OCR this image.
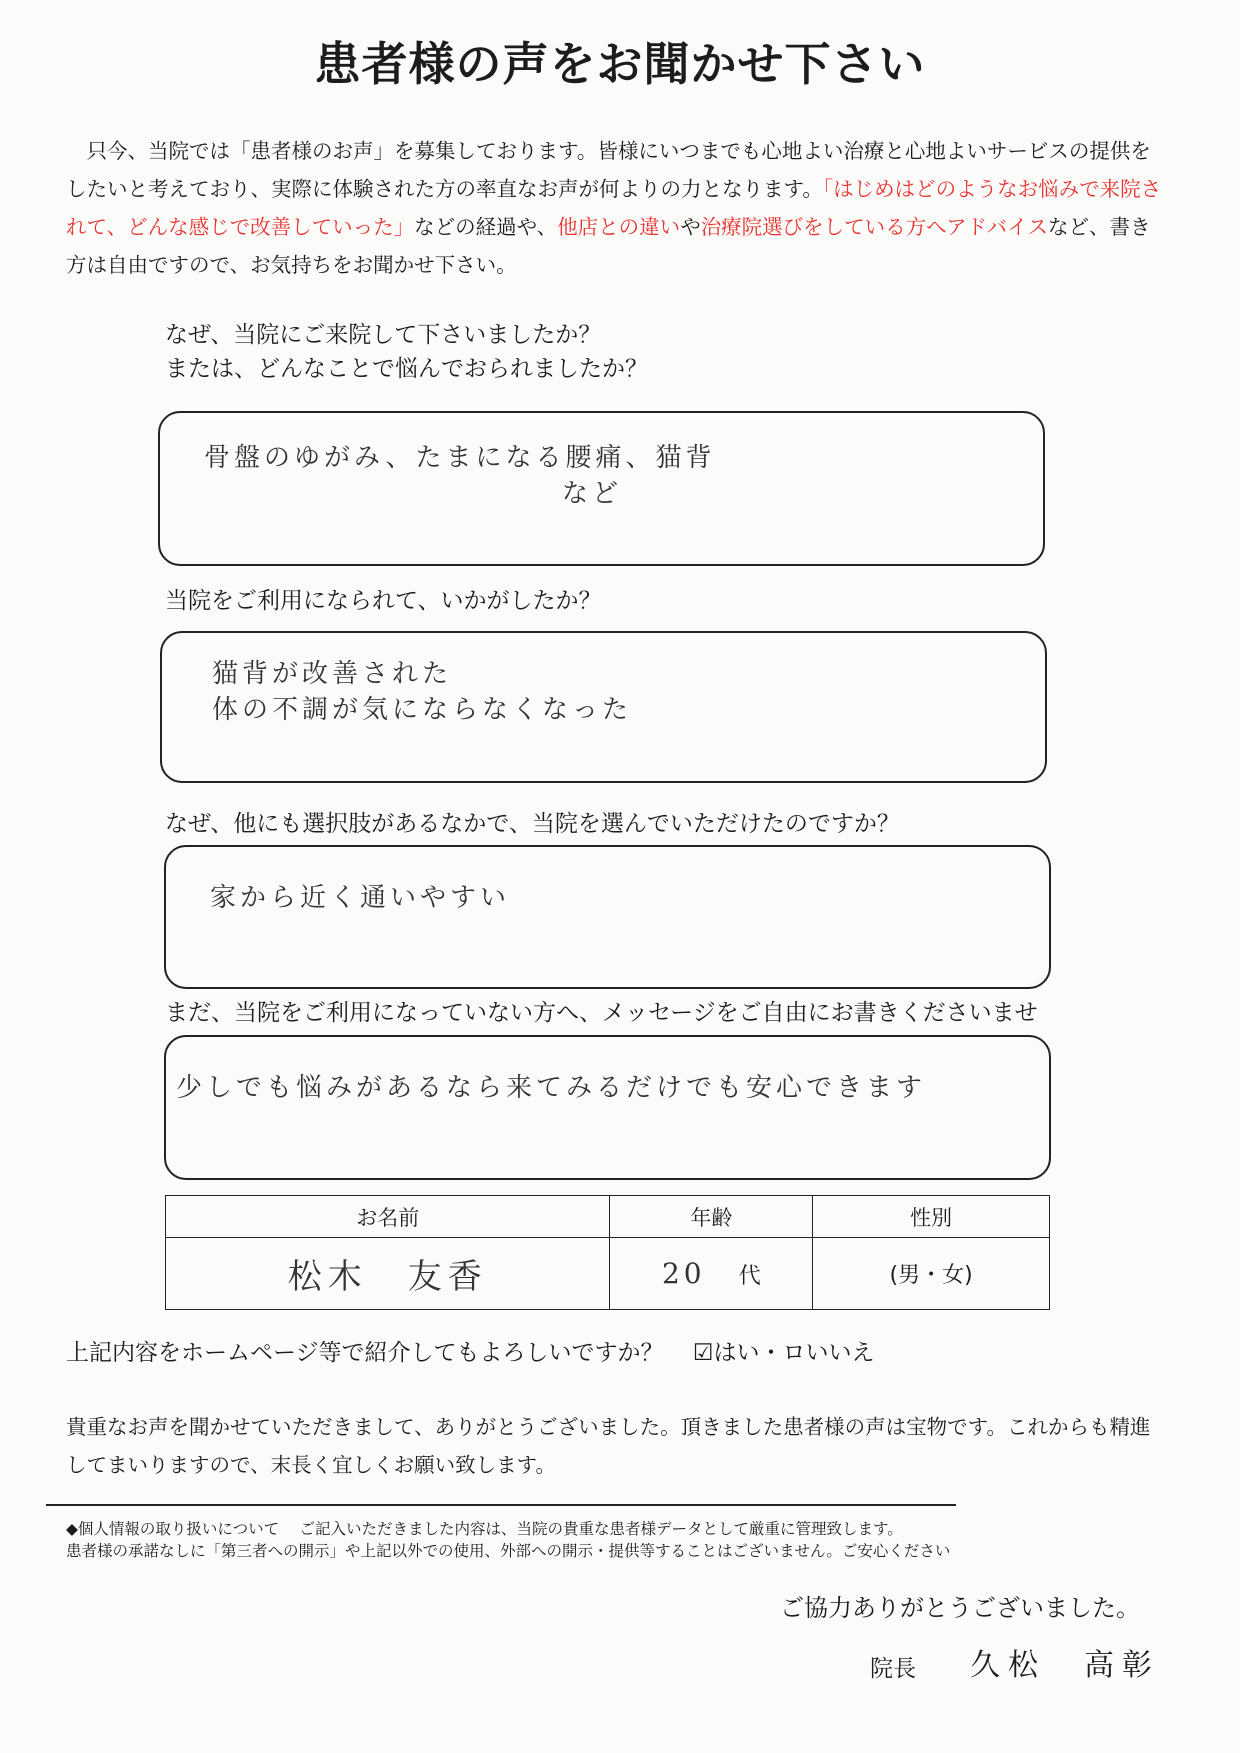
患者様の声をお聞かせ下さい
　只今、当院では「患者様のお声」を募集しております。皆様にいつまでも心地よい治療と心地よいサービスの提供をしたいと考えており、実際に体験された方の率直なお声が何よりの力となります。「はじめはどのようなお悩みで来院されて、どんな感じで改善していった」などの経過や、他店との違いや治療院選びをしている方へアドバイスなど、書き方は自由ですので、お気持ちをお聞かせ下さい。
なぜ、当院にご来院して下さいましたか？
または、どんなことで悩んでおられましたか？
骨盤のゆがみ、たまになる腰痛、猫背
など
当院をご利用になられて、いかがしたか？
猫背が改善された
体の不調が気にならなくなった
なぜ、他にも選択肢があるなかで、当院を選んでいただけたのですか？
家から近く通いやすい
まだ、当院をご利用になっていない方へ、メッセージをご自由にお書きくださいませ
少しでも悩みがあるなら来てみるだけでも安心できます
お名前	年齢	性別
松木　友香	20 代	(男・女)
上記内容をホームページ等で紹介してもよろしいですか？ ☑はい・ロいいえ
貴重なお声を聞かせていただきまして、ありがとうございました。頂きました患者様の声は宝物です。これからも精進してまいりますので、末長く宜しくお願い致します。
◆個人情報の取り扱いについて　 ご記入いただきました内容は、当院の貴重な患者様データとして厳重に管理致します。
患者様の承諾なしに「第三者への開示」や上記以外での使用、外部への開示・提供等することはございません。ご安心ください
ご協力ありがとうございました。
院長 久松　高彰
